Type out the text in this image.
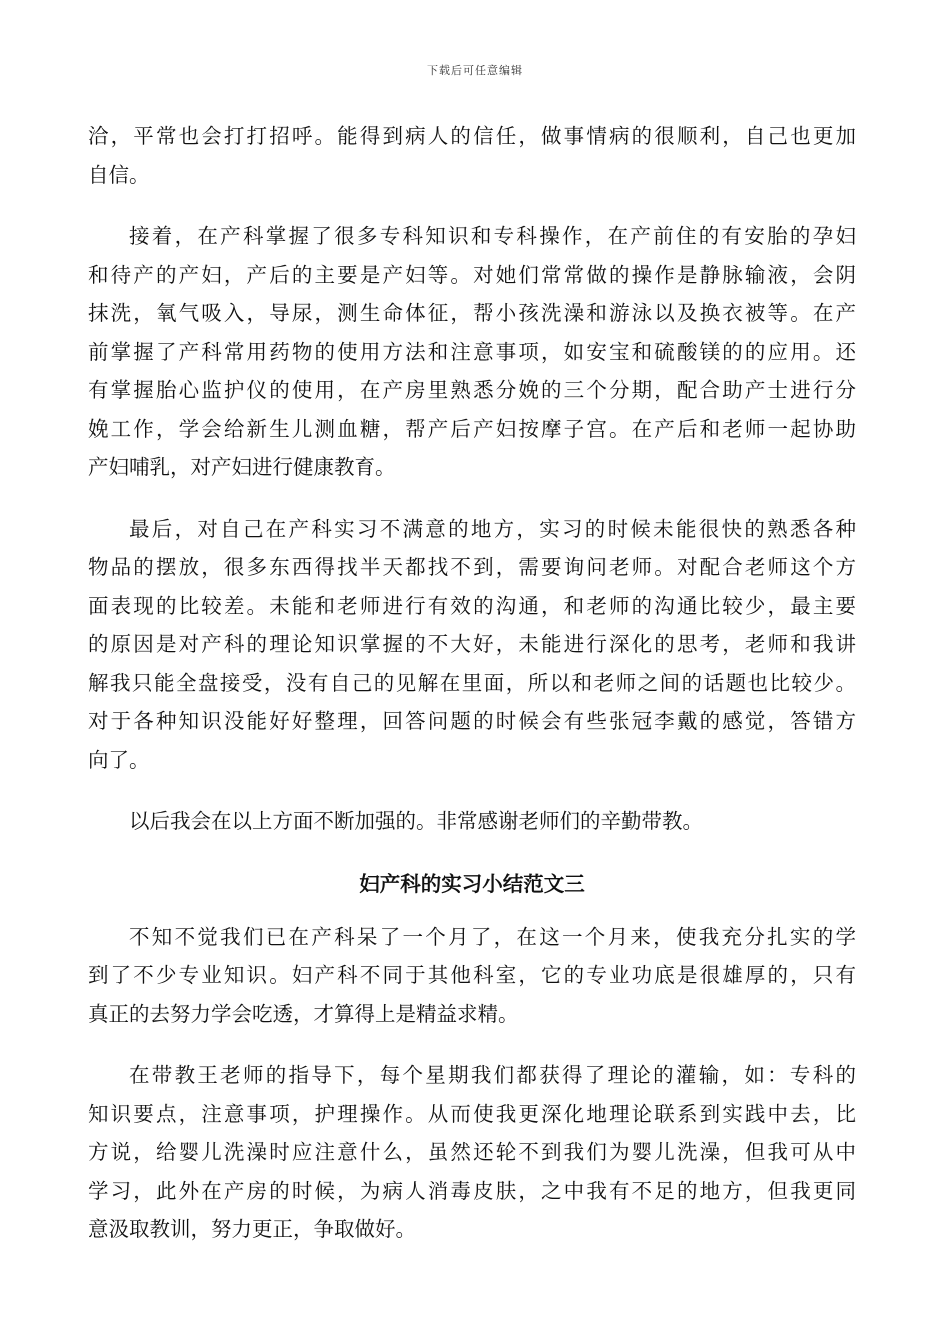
下载后可任意编辑
洽，平常也会打打招呼。能得到病人的信任，做事情病的很顺利，自己也更加
自信。
接着，在产科掌握了很多专科知识和专科操作，在产前住的有安胎的孕妇
和待产的产妇，产后的主要是产妇等。对她们常常做的操作是静脉输液，会阴
抹洗，氧气吸入，导尿，测生命体征，帮小孩洗澡和游泳以及换衣被等。在产
前掌握了产科常用药物的使用方法和注意事项，如安宝和硫酸镁的的应用。还
有掌握胎心监护仪的使用，在产房里熟悉分娩的三个分期，配合助产士进行分
娩工作，学会给新生儿测血糖，帮产后产妇按摩子宫。在产后和老师一起协助
产妇哺乳，对产妇进行健康教育。
最后，对自己在产科实习不满意的地方，实习的时候未能很快的熟悉各种
物品的摆放，很多东西得找半天都找不到，需要询问老师。对配合老师这个方
面表现的比较差。未能和老师进行有效的沟通，和老师的沟通比较少，最主要
的原因是对产科的理论知识掌握的不大好，未能进行深化的思考，老师和我讲
解我只能全盘接受，没有自己的见解在里面，所以和老师之间的话题也比较少。
对于各种知识没能好好整理，回答问题的时候会有些张冠李戴的感觉，答错方
向了。
以后我会在以上方面不断加强的。非常感谢老师们的辛勤带教。
妇产科的实习小结范文三
不知不觉我们已在产科呆了一个月了，在这一个月来，使我充分扎实的学
到了不少专业知识。妇产科不同于其他科室，它的专业功底是很雄厚的，只有
真正的去努力学会吃透，才算得上是精益求精。
在带教王老师的指导下，每个星期我们都获得了理论的灌输，如：专科的
知识要点，注意事项，护理操作。从而使我更深化地理论联系到实践中去，比
方说，给婴儿洗澡时应注意什么，虽然还轮不到我们为婴儿洗澡，但我可从中
学习，此外在产房的时候，为病人消毒皮肤，之中我有不足的地方，但我更同
意汲取教训，努力更正，争取做好。
